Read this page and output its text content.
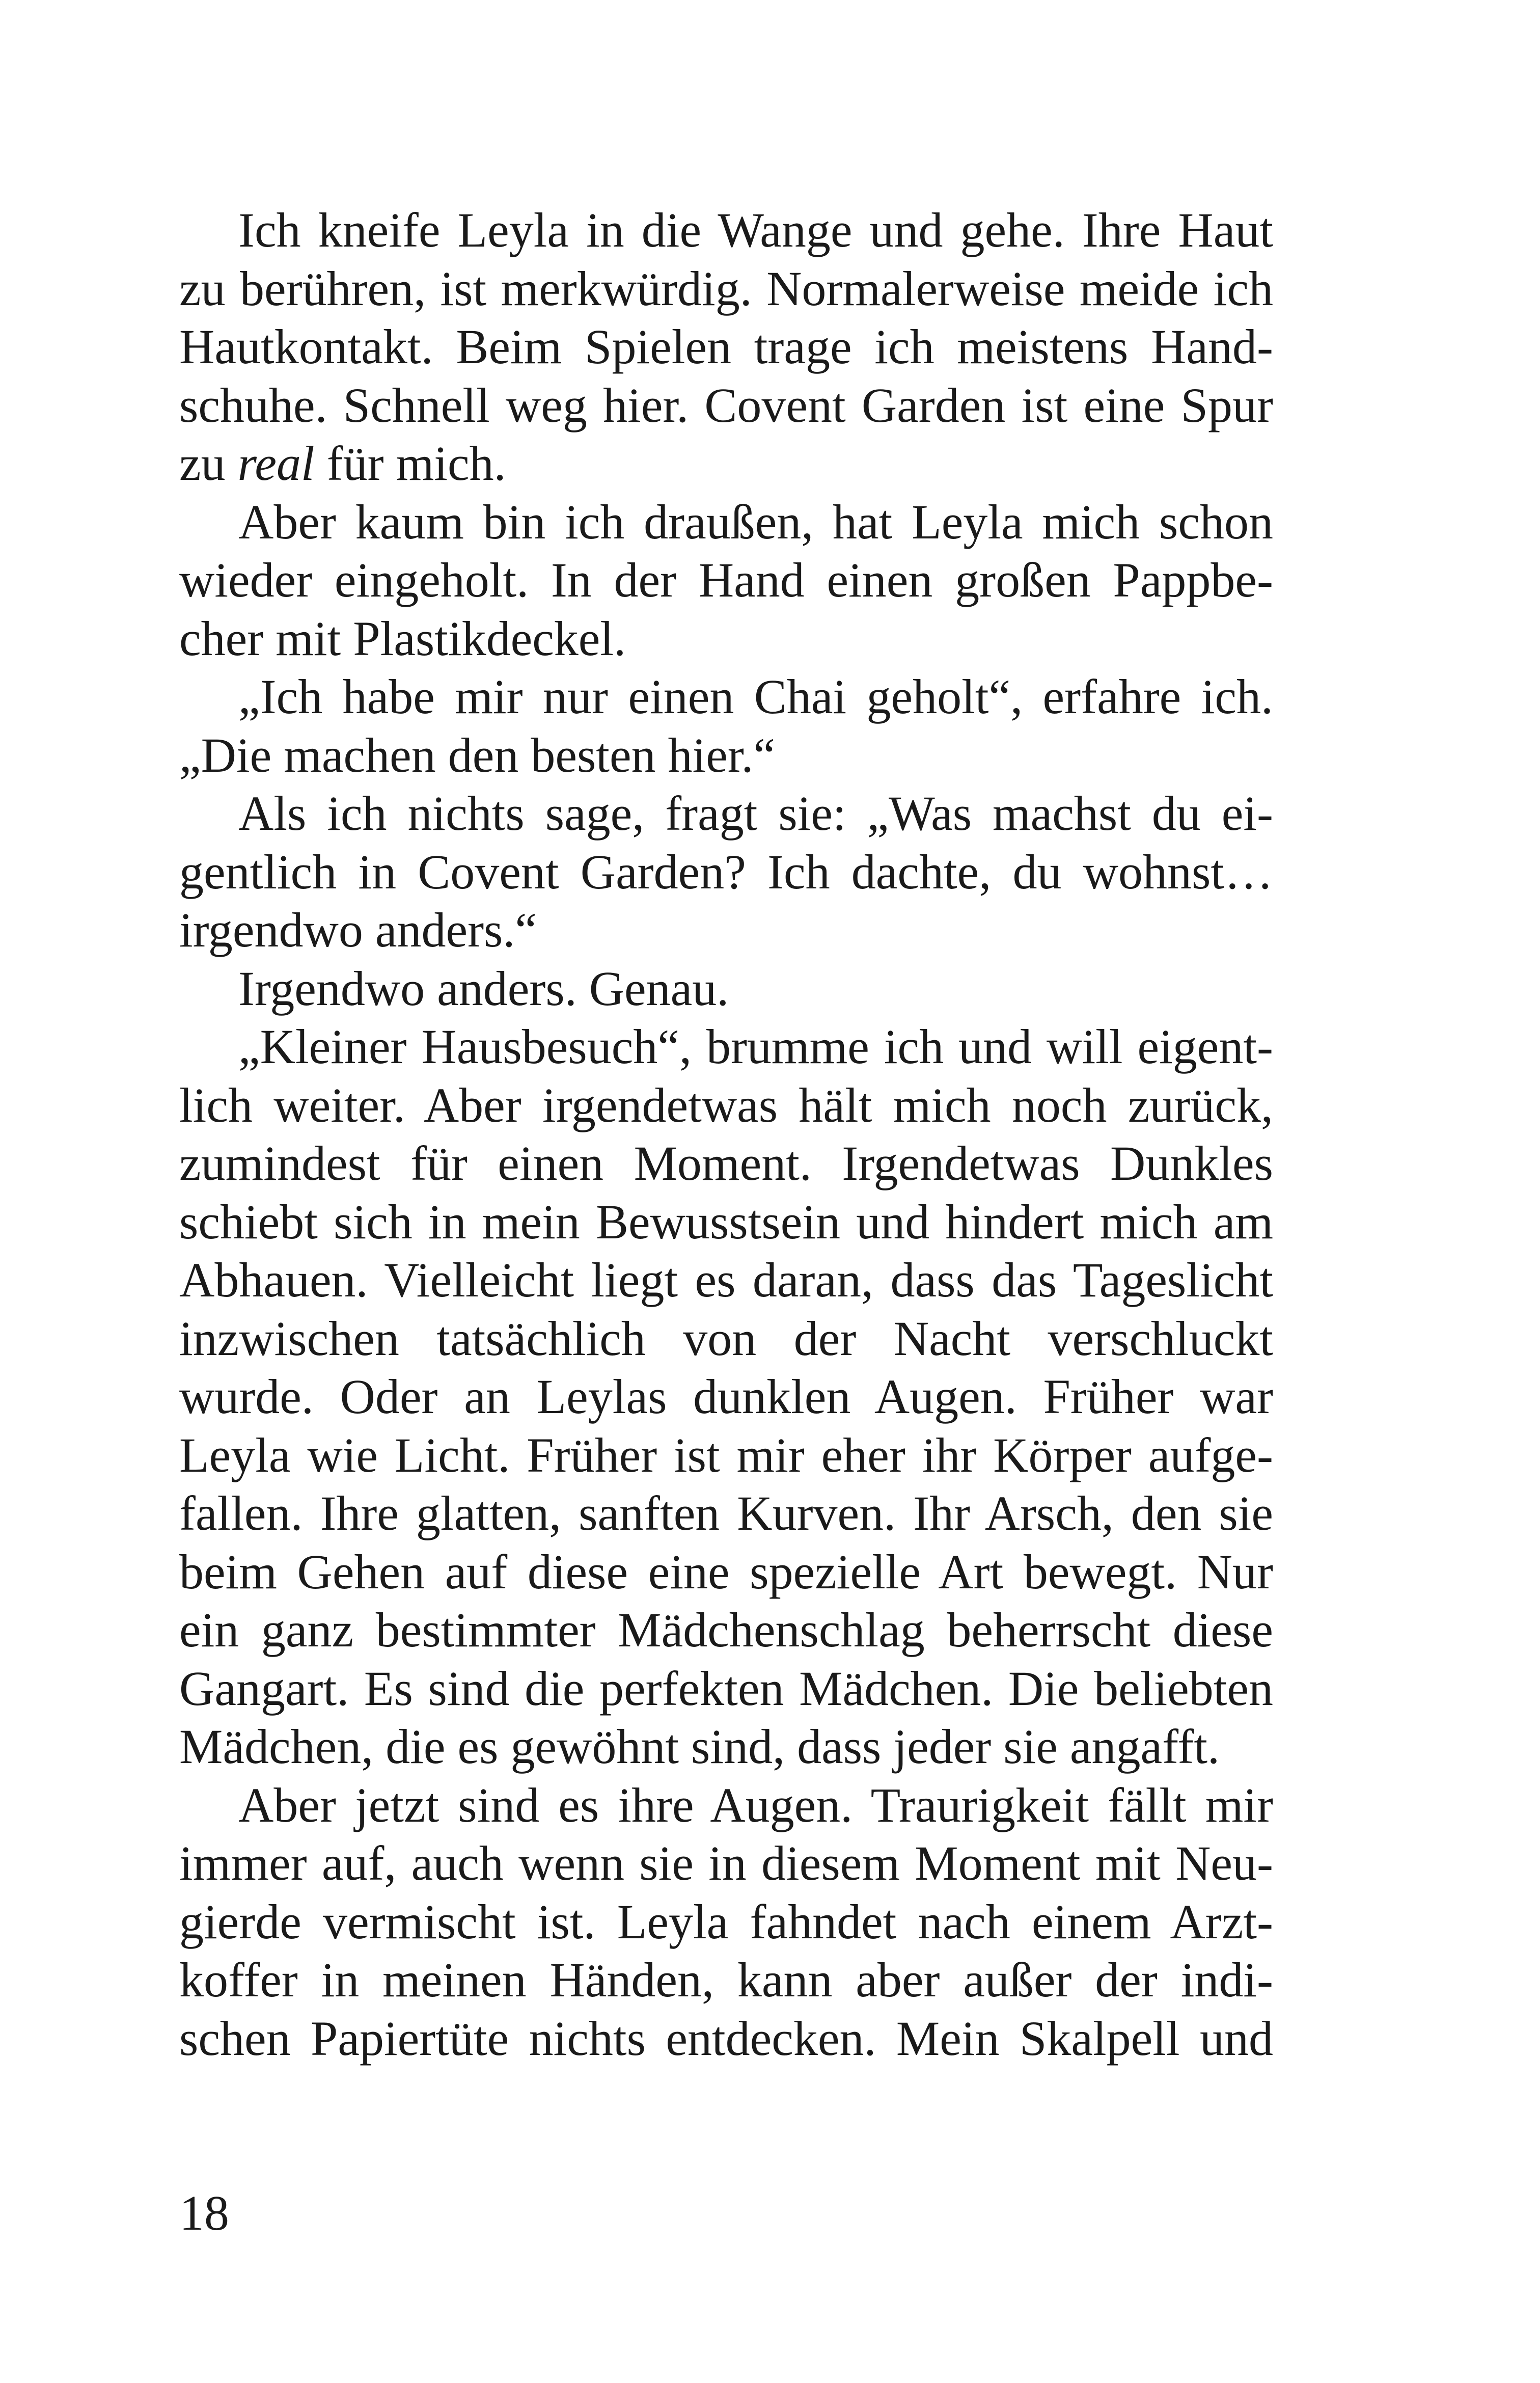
Ich kneife Leyla in die Wange und gehe. Ihre Haut
zu berühren, ist merkwürdig. Normalerweise meide ich
Hautkontakt. Beim Spielen trage ich meistens Hand-
schuhe. Schnell weg hier. Covent Garden ist eine Spur
zu real für mich.

Aber kaum bin ich draußen, hat Leyla mich schon
wieder eingeholt. In der Hand einen großen Pappbe-
cher mit Plastikdeckel.

„Ich habe mir nur einen Chai geholt“, erfahre ich.
„Die machen den besten hier.“

Als ich nichts sage, fragt sie: „Was machst du ei-
gentlich in Covent Garden? Ich dachte, du wohnst…
irgendwo anders.“

Irgendwo anders. Genau.

„Kleiner Hausbesuch“, brumme ich und will eigent-
lich weiter. Aber irgendetwas hält mich noch zurück,
zumindest für einen Moment. Irgendetwas Dunkles
schiebt sich in mein Bewusstsein und hindert mich am
Abhauen. Vielleicht liegt es daran, dass das Tageslicht
inzwischen tatsächlich von der Nacht verschluckt
wurde. Oder an Leylas dunklen Augen. Früher war
Leyla wie Licht. Früher ist mir eher ihr Körper aufge-
fallen. Ihre glatten, sanften Kurven. Ihr Arsch, den sie
beim Gehen auf diese eine spezielle Art bewegt. Nur
ein ganz bestimmter Mädchenschlag beherrscht diese
Gangart. Es sind die perfekten Mädchen. Die beliebten
Mädchen, die es gewöhnt sind, dass jeder sie angafft.

Aber jetzt sind es ihre Augen. Traurigkeit fällt mir
immer auf, auch wenn sie in diesem Moment mit Neu-
gierde vermischt ist. Leyla fahndet nach einem Arzt-
koffer in meinen Händen, kann aber außer der indi-
schen Papiertüte nichts entdecken. Mein Skalpell und

18
